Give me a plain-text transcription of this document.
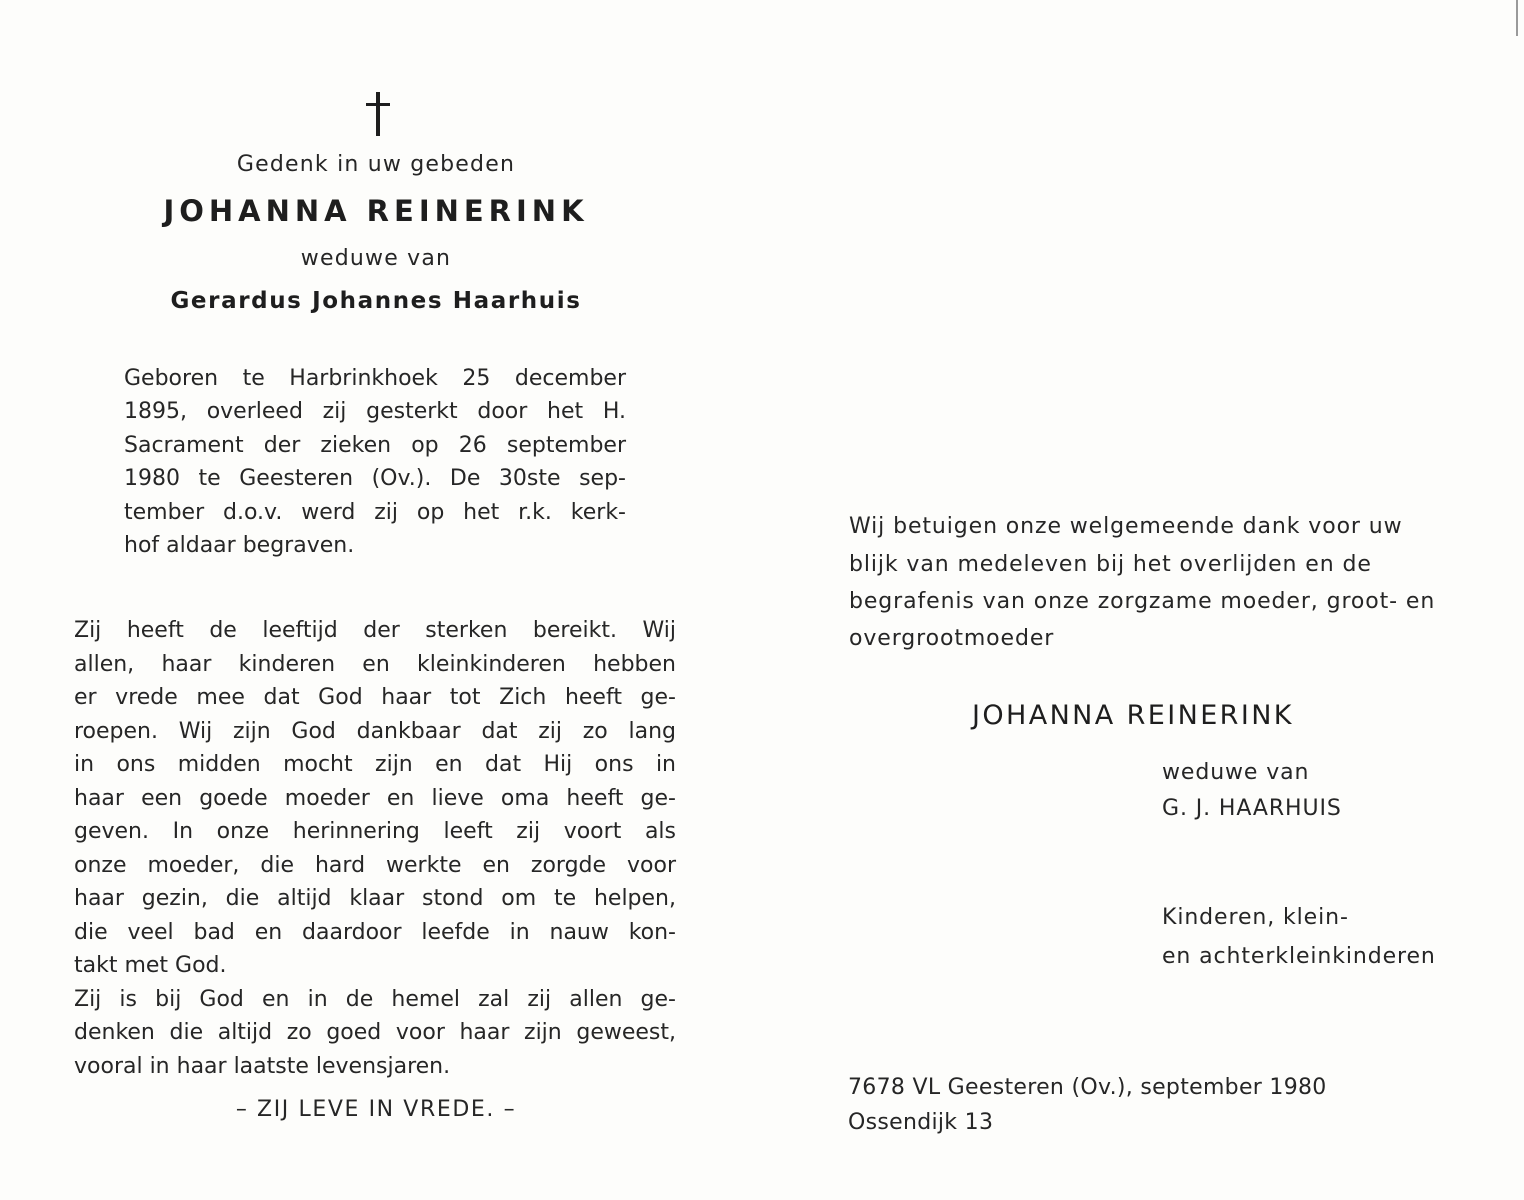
Gedenk in uw gebeden
JOHANNA REINERINK
weduwe van
Gerardus Johannes Haarhuis
Geboren te Harbrinkhoek 25 december
1895, overleed zij gesterkt door het H.
Sacrament der zieken op 26 september
1980 te Geesteren (Ov.). De 30ste sep-
tember d.o.v. werd zij op het r.k. kerk-
hof aldaar begraven.
Zij heeft de leeftijd der sterken bereikt. Wij
allen, haar kinderen en kleinkinderen hebben
er vrede mee dat God haar tot Zich heeft ge-
roepen. Wij zijn God dankbaar dat zij zo lang
in ons midden mocht zijn en dat Hij ons in
haar een goede moeder en lieve oma heeft ge-
geven. In onze herinnering leeft zij voort als
onze moeder, die hard werkte en zorgde voor
haar gezin, die altijd klaar stond om te helpen,
die veel bad en daardoor leefde in nauw kon-
takt met God.
Zij is bij God en in de hemel zal zij allen ge-
denken die altijd zo goed voor haar zijn geweest,
vooral in haar laatste levensjaren.
– ZIJ LEVE IN VREDE. –
Wij betuigen onze welgemeende dank voor uw
blijk van medeleven bij het overlijden en de
begrafenis van onze zorgzame moeder, groot- en
overgrootmoeder
JOHANNA REINERINK
weduwe van
G. J. HAARHUIS
Kinderen, klein-
en achterkleinkinderen
7678 VL Geesteren (Ov.), september 1980
Ossendijk 13
